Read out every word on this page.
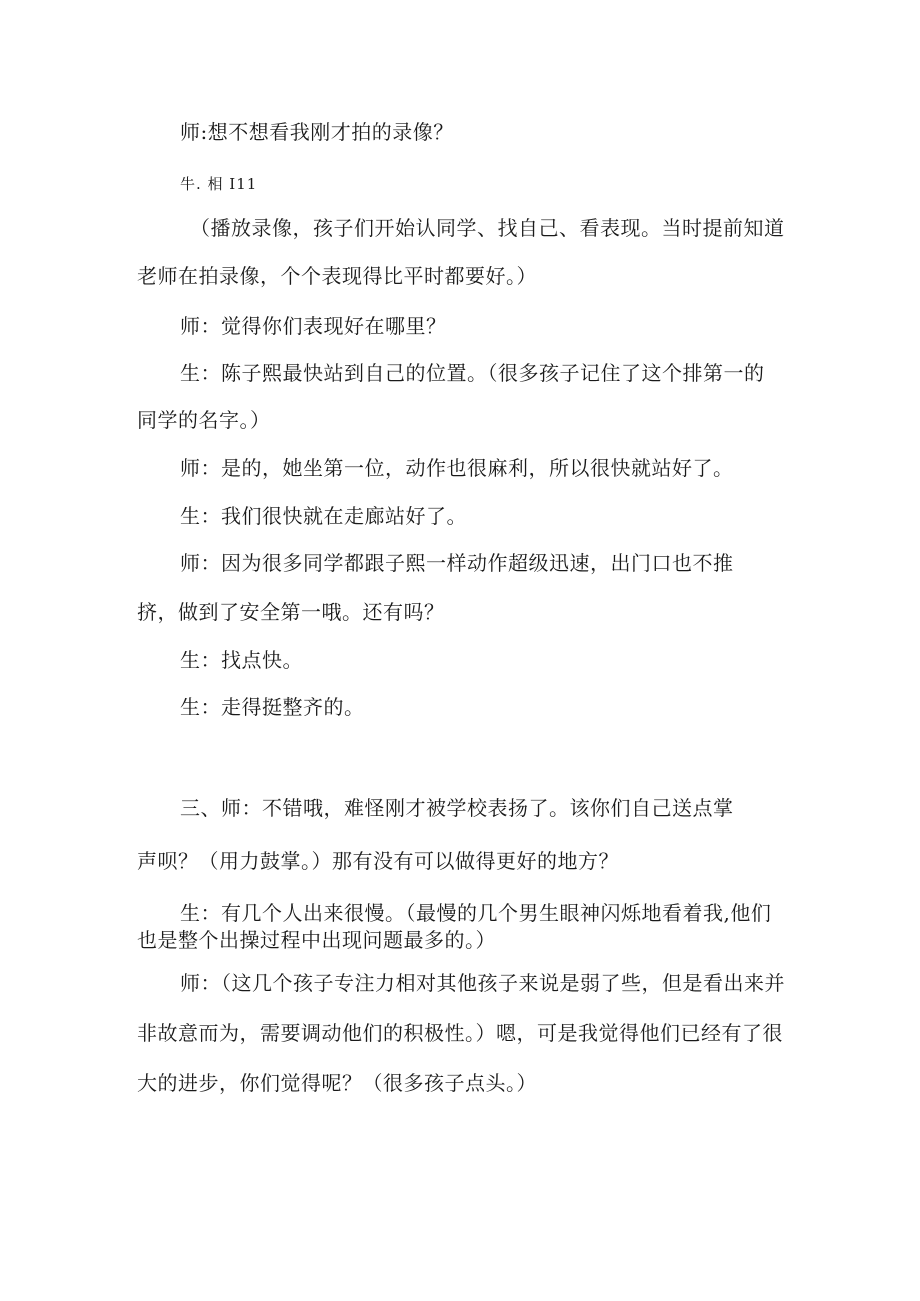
师:想不想看我刚才拍的录像？
牛. 相 I11
（播放录像，孩子们开始认同学、找自己、看表现。当时提前知道
老师在拍录像，个个表现得比平时都要好。）
师：觉得你们表现好在哪里？
生：陈子熙最快站到自己的位置。（很多孩子记住了这个排第一的
同学的名字。）
师：是的，她坐第一位，动作也很麻利，所以很快就站好了。
生：我们很快就在走廊站好了。
师：因为很多同学都跟子熙一样动作超级迅速，出门口也不推
挤，做到了安全第一哦。还有吗？
生：找点快。
生：走得挺整齐的。
三、师：不错哦，难怪刚才被学校表扬了。该你们自己送点掌
声呗？（用力鼓掌。）那有没有可以做得更好的地方？
生：有几个人出来很慢。（最慢的几个男生眼神闪烁地看着我,他们
也是整个出操过程中出现问题最多的。）
师：（这几个孩子专注力相对其他孩子来说是弱了些，但是看出来并
非故意而为，需要调动他们的积极性。）嗯，可是我觉得他们已经有了很
大的进步，你们觉得呢？（很多孩子点头。）
